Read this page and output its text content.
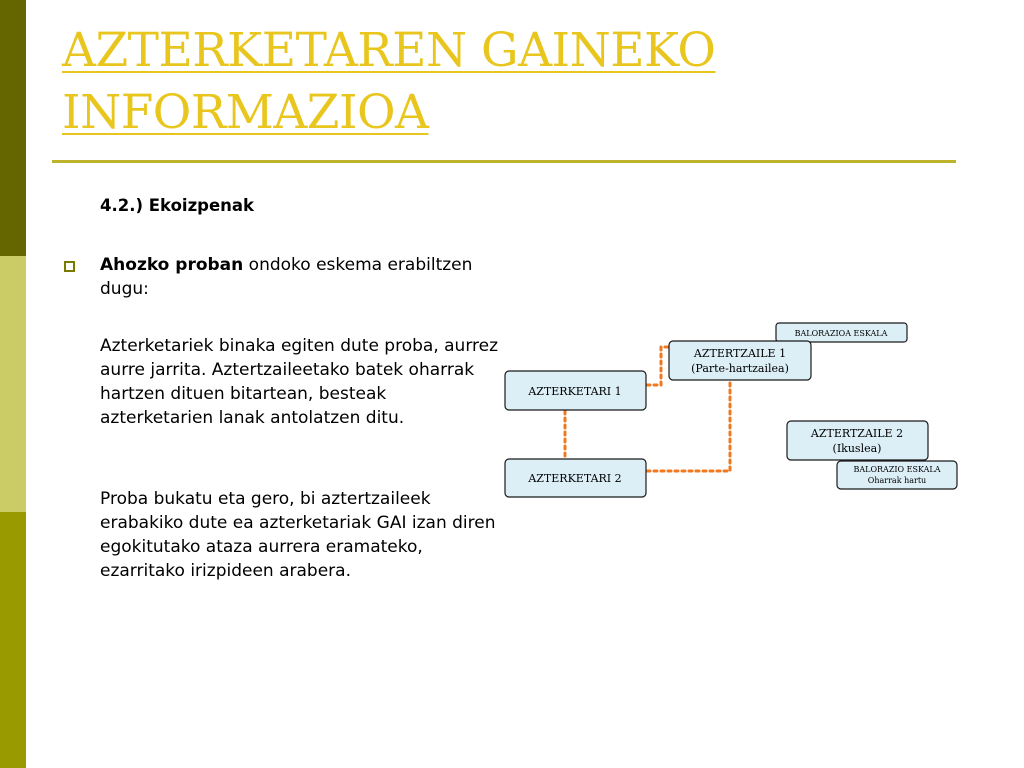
AZTERKETAREN GAINEKO
INFORMAZIOA
4.2.) Ekoizpenak
Ahozko proban ondoko eskema erabiltzen dugu:
Azterketariek binaka egiten dute proba, aurrez aurre jarrita. Aztertzaileetako batek oharrak hartzen dituen bitartean, besteak azterketarien lanak antolatzen ditu.
Proba bukatu eta gero, bi aztertzaileek erabakiko dute ea azterketariak GAI izan diren egokitutako ataza aurrera eramateko, ezarritako irizpideen arabera.
BALORAZIOA ESKALA
AZTERTZAILE 1
(Parte-hartzailea)
AZTERKETARI 1
AZTERTZAILE 2
(Ikuslea)
BALORAZIO ESKALA
Oharrak hartu
AZTERKETARI 2
